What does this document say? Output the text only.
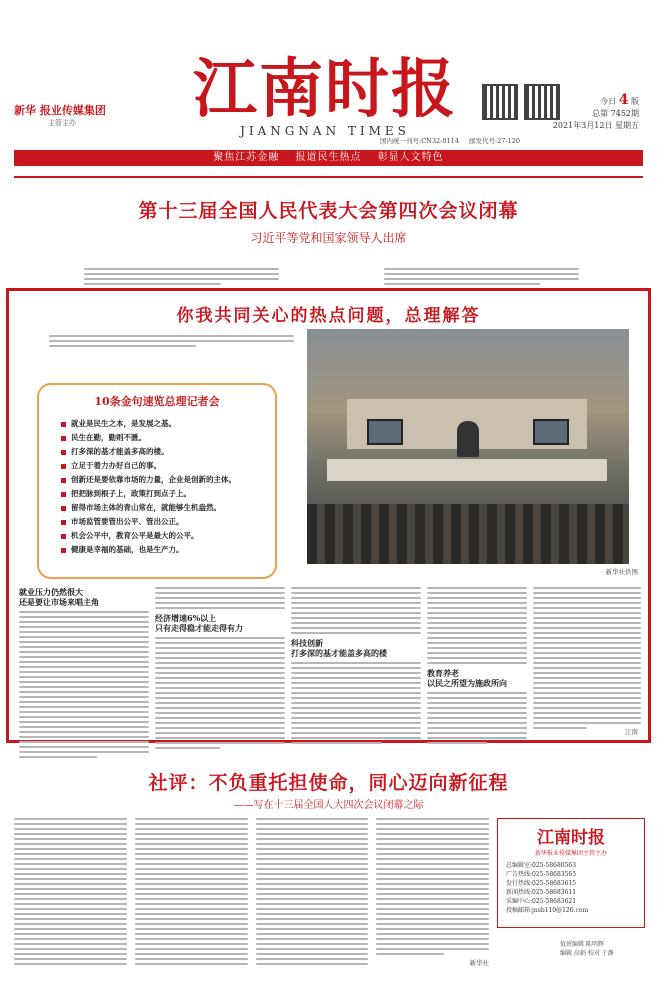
新华 报业传媒集团
主管主办	江南时报
JIANGNAN TIMES
今日 4 版
总第 7452期
2021年3月12日 星期五
国内统一刊号:CN32-0114 邮发代号:27-120
聚焦江苏金融 报道民生热点 彰显人文特色
第十三届全国人民代表大会第四次会议闭幕
习近平等党和国家领导人出席
你我共同关心的热点问题，总理解答
10条金句速览总理记者会
就业是民生之本，是发展之基。
民生在勤，勤则不匮。
打多深的基才能盖多高的楼。
立足于着力办好自己的事。
创新还是要依靠市场的力量，企业是创新的主体。
把把脉到根子上，政策打到点子上。
留得市场主体的青山常在，就能够生机盎然。
市场监管要管出公平、管出公正。
机会公平中，教育公平是最大的公平。
健康是幸福的基础，也是生产力。
新华社供图
就业压力仍然很大
还是要让市场来唱主角
经济增速6%以上
只有走得稳才能走得有力
科技创新
打多深的基才能盖多高的楼
教育养老
以民之所望为施政所向
江南
社评：不负重托担使命，同心迈向新征程
——写在十三届全国人大四次会议闭幕之际
新华社
江南时报
新华报业传媒集团主管主办
总编辑室:025-58680563
广告热线:025-58683565
发行热线:025-58683615
新闻热线:025-58683611
采编中心:025-58683621
投稿邮箱:jnsb110@126.com
值班编辑 陈明辉
编辑 高娟 校对 于静
